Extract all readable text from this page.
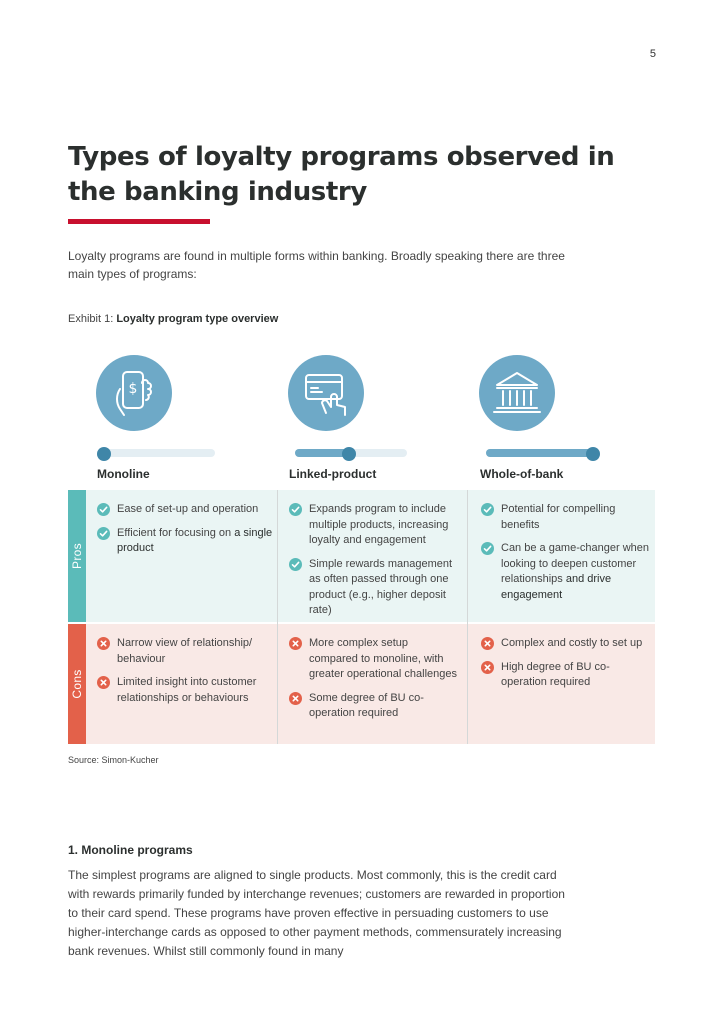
5
Types of loyalty programs observed in the banking industry

Loyalty programs are found in multiple forms within banking. Broadly speaking there are three main types of programs:

Exhibit 1: Loyalty program type overview
$
Monoline	Linked-product	Whole-of-bank
Pros
Cons
Ease of set-up and operation
Efficient for focusing on a single product
Expands program to include multiple products, increasing loyalty and engagement
Simple rewards management as often passed through one product (e.g., higher deposit rate)
Potential for compelling benefits
Can be a game-changer when looking to deepen customer relationships and drive engagement
Narrow view of relationship/ behaviour
Limited insight into customer relationships or behaviours
More complex setup compared to monoline, with greater operational challenges
Some degree of BU co-operation required
Complex and costly to set up
High degree of BU co-operation required
Source: Simon-Kucher
1. Monoline programs

The simplest programs are aligned to single products. Most commonly, this is the credit card with rewards primarily funded by interchange revenues; customers are rewarded in proportion to their card spend. These programs have proven effective in persuading customers to use higher-interchange cards as opposed to other payment methods, commensurately increasing bank revenues. Whilst still commonly found in many
